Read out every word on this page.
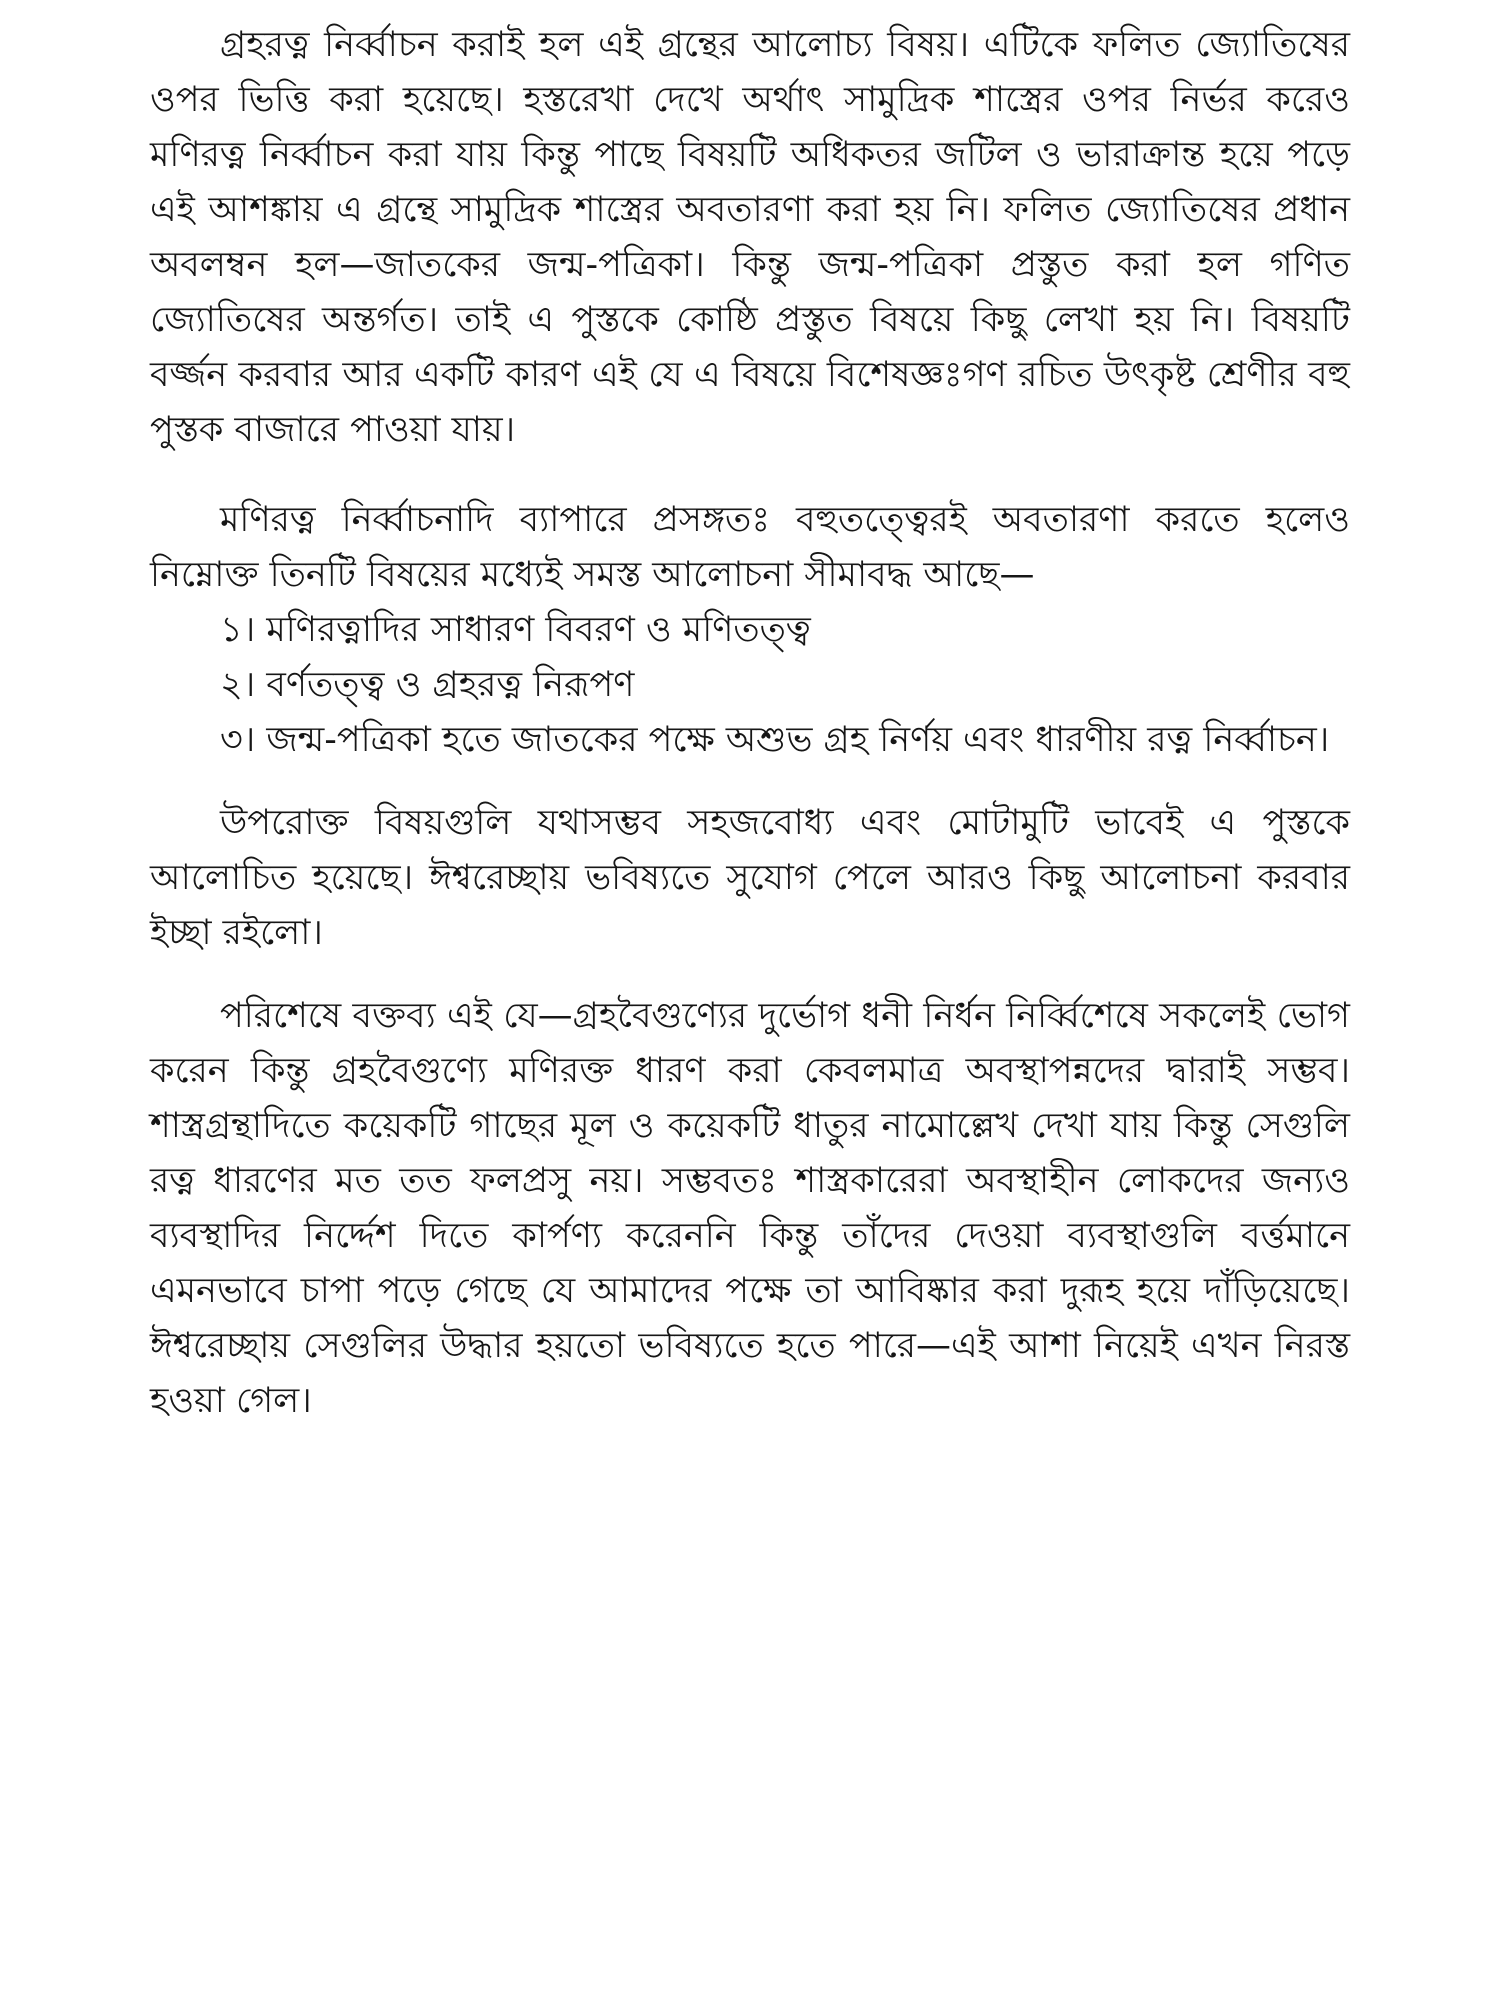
গ্রহরত্ন নির্ব্বাচন করাই হল এই গ্রন্থের আলোচ্য বিষয়। এটিকে ফলিত জ্যোতিষের ওপর ভিত্তি করা হয়েছে। হস্তরেখা দেখে অর্থাৎ সামুদ্রিক শাস্ত্রের ওপর নির্ভর করেও মণিরত্ন নির্ব্বাচন করা যায় কিন্তু পাছে বিষয়টি অধিকতর জটিল ও ভারাক্রান্ত হয়ে পড়ে এই আশঙ্কায় এ গ্রন্থে সামুদ্রিক শাস্ত্রের অবতারণা করা হয় নি। ফলিত জ্যোতিষের প্রধান অবলম্বন হল—জাতকের জন্ম-পত্রিকা। কিন্তু জন্ম-পত্রিকা প্রস্তুত করা হল গণিত জ্যোতিষের অন্তর্গত। তাই এ পুস্তকে কোষ্ঠি প্রস্তুত বিষয়ে কিছু লেখা হয় নি। বিষয়টি বর্জ্জন করবার আর একটি কারণ এই যে এ বিষয়ে বিশেষজ্ঞঃগণ রচিত উৎকৃষ্ট শ্রেণীর বহু পুস্তক বাজারে পাওয়া যায়।

মণিরত্ন নির্ব্বাচনাদি ব্যাপারে প্রসঙ্গতঃ বহুতত্ত্বেরই অবতারণা করতে হলেও নিম্নোক্ত তিনটি বিষয়ের মধ্যেই সমস্ত আলোচনা সীমাবদ্ধ আছে—

১। মণিরত্নাদির সাধারণ বিবরণ ও মণিতত্ত্ব

২। বর্ণতত্ত্ব ও গ্রহরত্ন নিরূপণ

৩। জন্ম-পত্রিকা হতে জাতকের পক্ষে অশুভ গ্রহ নির্ণয় এবং ধারণীয় রত্ন নির্ব্বাচন।

উপরোক্ত বিষয়গুলি যথাসম্ভব সহজবোধ্য এবং মোটামুটি ভাবেই এ পুস্তকে আলোচিত হয়েছে। ঈশ্বরেচ্ছায় ভবিষ্যতে সুযোগ পেলে আরও কিছু আলোচনা করবার ইচ্ছা রইলো।

পরিশেষে বক্তব্য এই যে—গ্রহবৈগুণ্যের দুর্ভোগ ধনী নির্ধন নির্ব্বিশেষে সকলেই ভোগ করেন কিন্তু গ্রহবৈগুণ্যে মণিরক্ত ধারণ করা কেবলমাত্র অবস্থাপন্নদের দ্বারাই সম্ভব। শাস্ত্রগ্রন্থাদিতে কয়েকটি গাছের মূল ও কয়েকটি ধাতুর নামোল্লেখ দেখা যায় কিন্তু সেগুলি রত্ন ধারণের মত তত ফলপ্রসু নয়। সম্ভবতঃ শাস্ত্রকারেরা অবস্থাহীন লোকদের জন্যও ব্যবস্থাদির নির্দ্দেশ দিতে কার্পণ্য করেননি কিন্তু তাঁদের দেওয়া ব্যবস্থাগুলি বর্ত্তমানে এমনভাবে চাপা পড়ে গেছে যে আমাদের পক্ষে তা আবিষ্কার করা দুরূহ হয়ে দাঁড়িয়েছে। ঈশ্বরেচ্ছায় সেগুলির উদ্ধার হয়তো ভবিষ্যতে হতে পারে—এই আশা নিয়েই এখন নিরস্ত হওয়া গেল।
